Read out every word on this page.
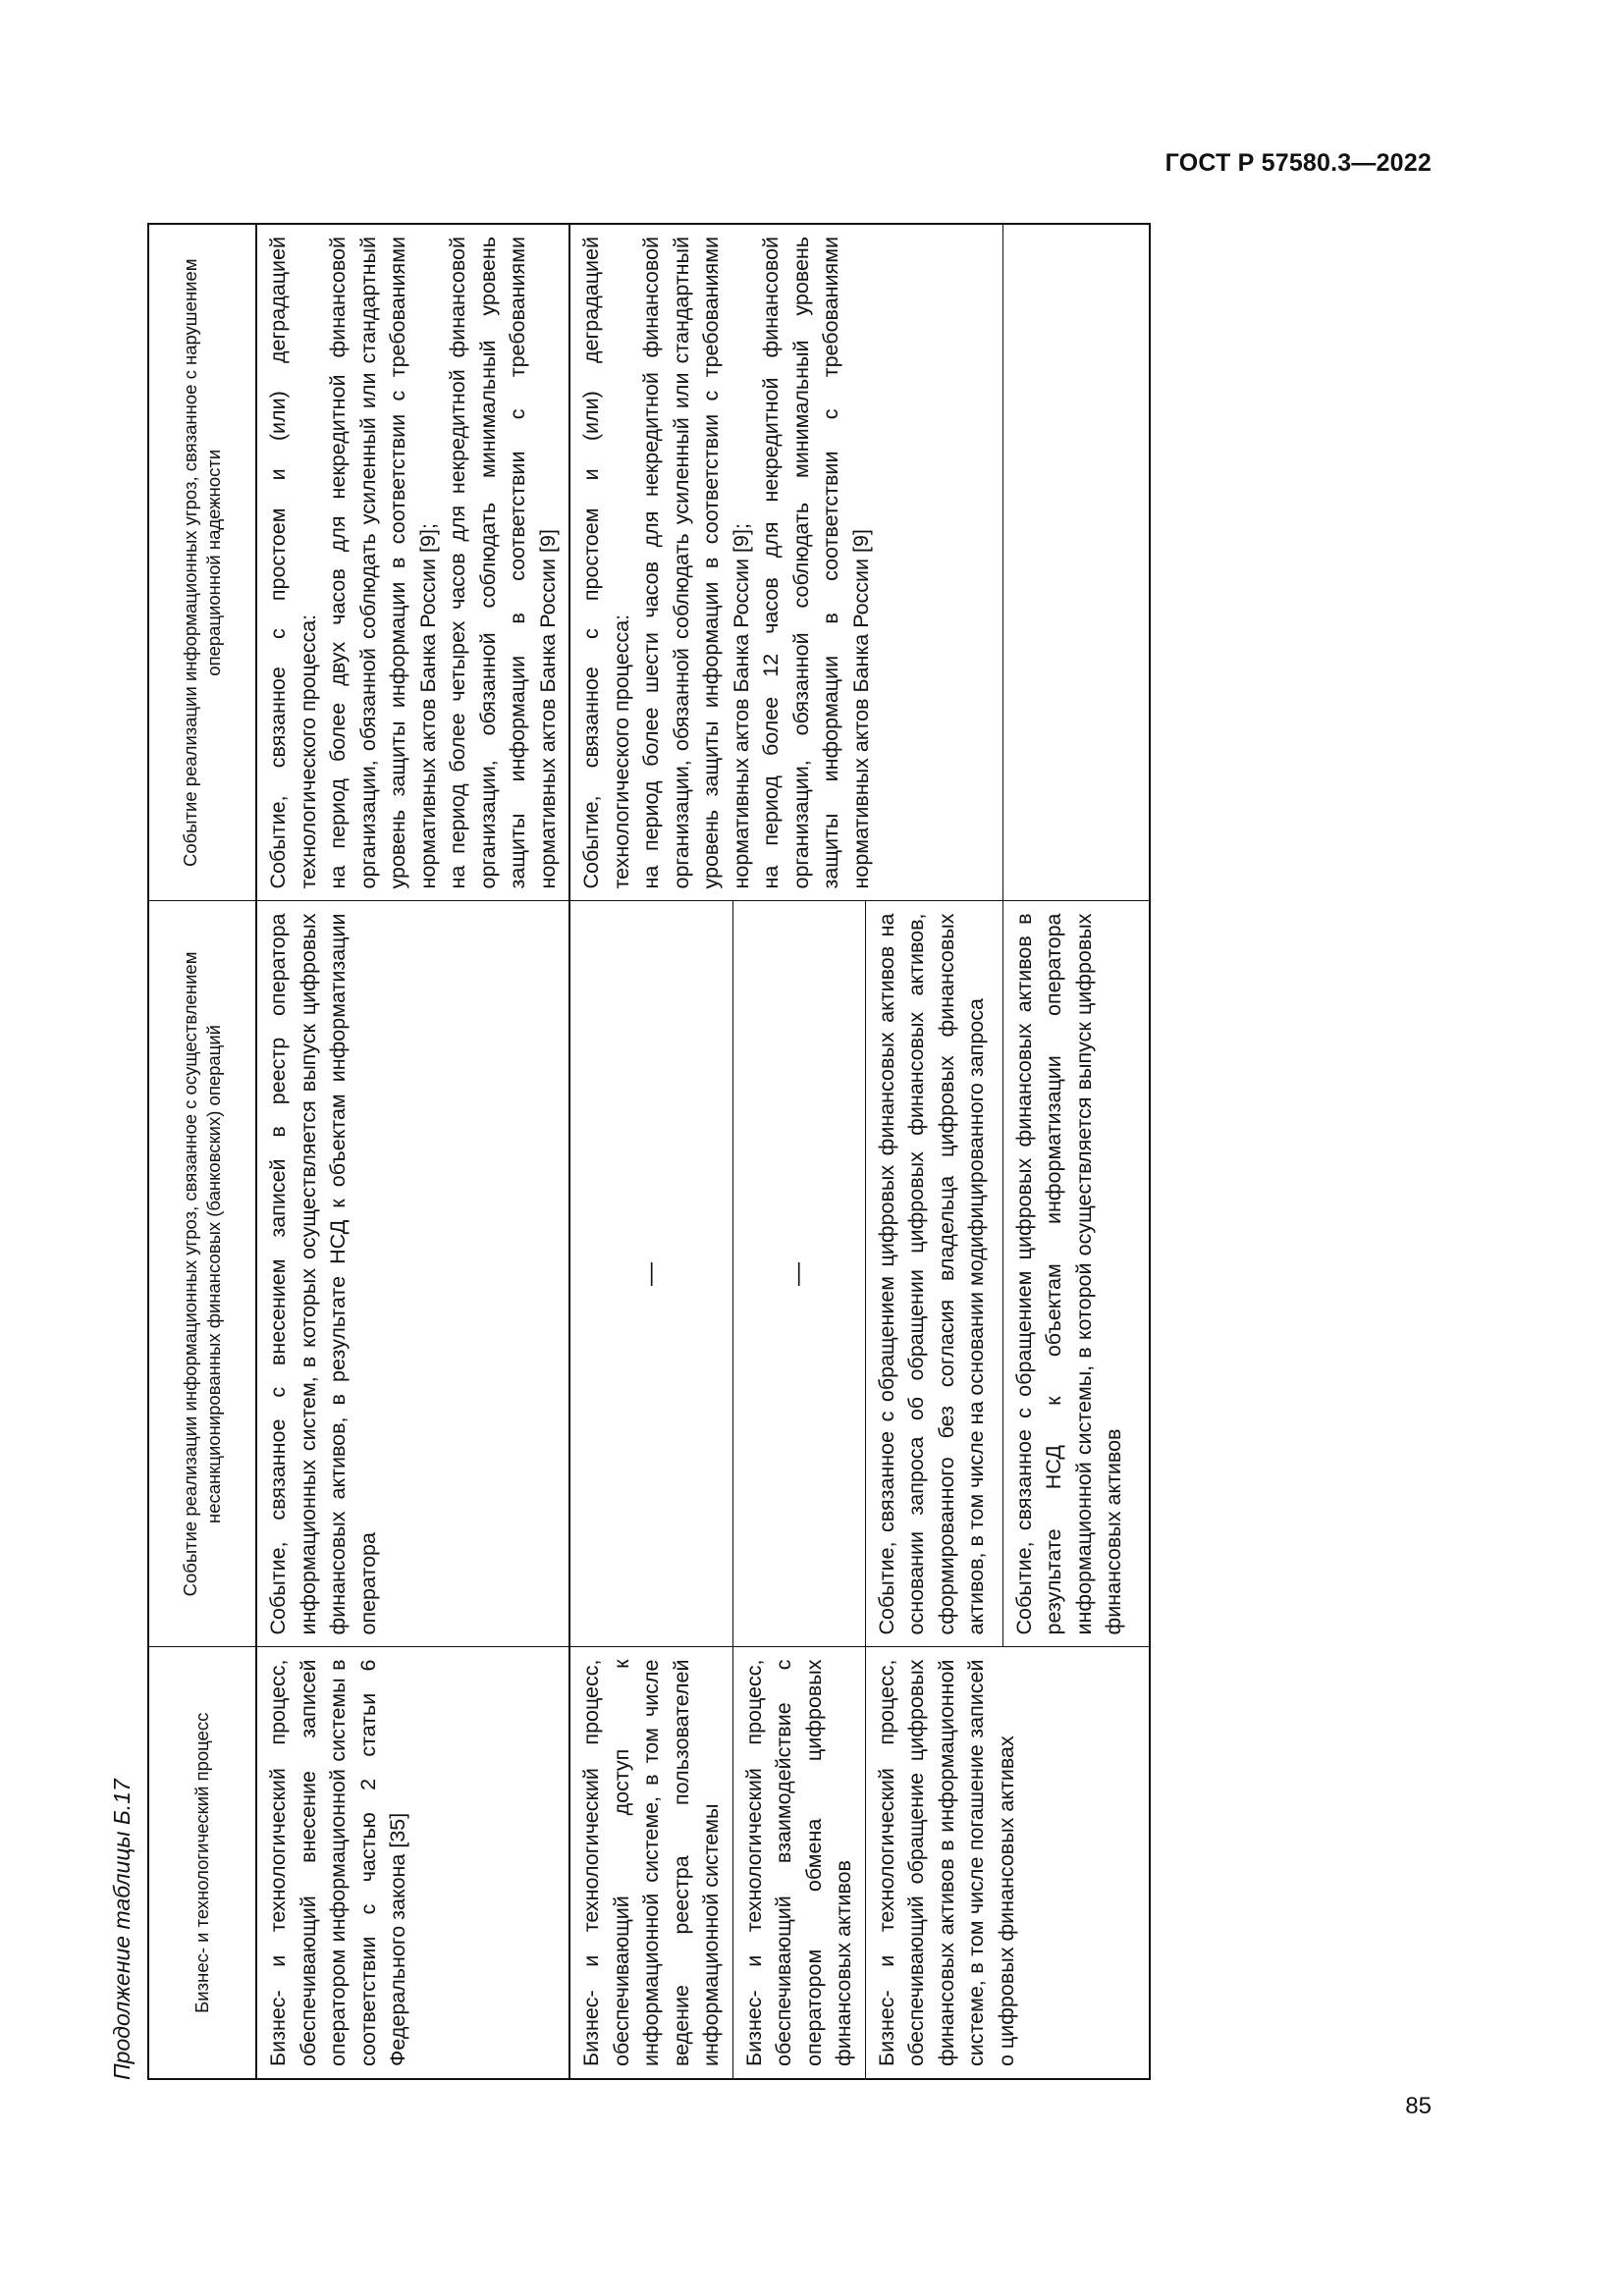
ГОСТ Р 57580.3—2022
Продолжение таблицы Б.17	Бизнес- и технологический процесс	Событие реализации информационных угроз, связанное с осуществлением несанкционированных финансовых (банковских) операций	Событие реализации информационных угроз, связанное с нарушением операционной надежности
Бизнес- и технологический процесс, обеспечивающий внесение записей оператором информационной системы в соответствии с частью 2 статьи 6 Федерального закона [35]	Событие, связанное с внесением записей в реестр оператора информационных систем, в которых осуществляется выпуск цифровых финансовых активов, в результате НСД к объектам информатизации оператора	Событие, связанное с простоем и (или) деградацией технологического процесса: на период более двух часов для некредитной финансовой организации, обязанной соблюдать усиленный или стандартный уровень защиты информации в соответствии с требованиями нормативных актов Банка России [9]; на период более четырех часов для некредитной финансовой организации, обязанной соблюдать минимальный уровень защиты информации в соответствии с требованиями нормативных актов Банка России [9]

Бизнес- и технологический процесс, обеспечивающий доступ к информационной системе, в том числе ведение реестра пользователей информационной системы	—	Событие, связанное с простоем и (или) деградацией технологического процесса: на период более шести часов для некредитной финансовой организации, обязанной соблюдать усиленный или стандартный уровень защиты информации в соответствии с требованиями нормативных актов Банка России [9]; на период более 12 часов для некредитной финансовой организации, обязанной соблюдать минимальный уровень защиты информации в соответствии с требованиями нормативных актов Банка России [9]

Бизнес- и технологический процесс, обеспечивающий взаимодействие с оператором обмена цифровых финансовых активов	—	
Бизнес- и технологический процесс, обеспечивающий обращение цифровых финансовых активов в информационной системе, в том числе погашение записей о цифровых финансовых активах	Событие, связанное с обращением цифровых финансовых активов на основании запроса об обращении цифровых финансовых активов, сформированного без согласия владельца цифровых финансовых активов, в том числе на основании модифицированного запроса	
	Событие, связанное с обращением цифровых финансовых активов в результате НСД к объектам информатизации оператора информационной системы, в которой осуществляется выпуск цифровых финансовых активов	
85
